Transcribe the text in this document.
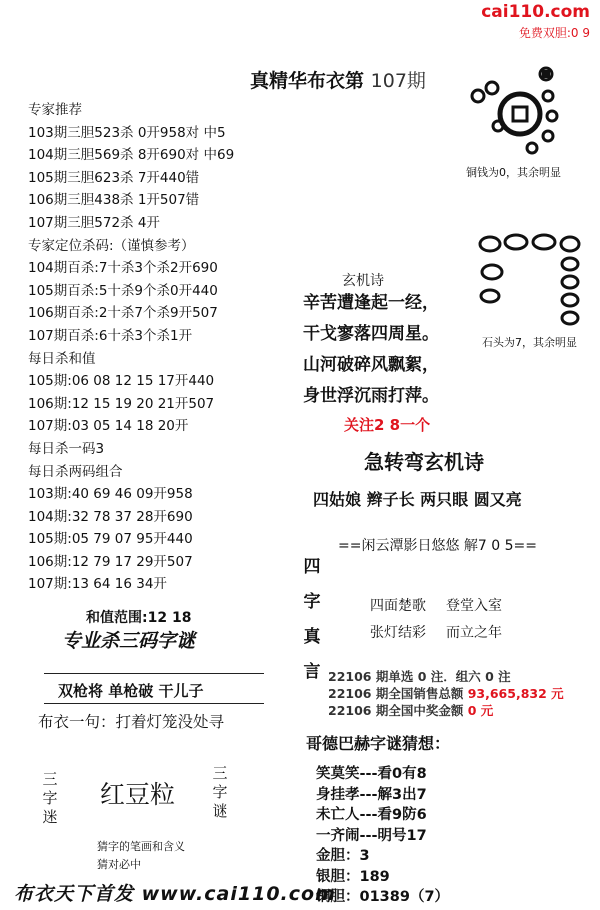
cai110.com
免费双胆:0 9
真精华布衣第 107期
专家推荐
103期三胆523杀 0开958对 中5
104期三胆569杀 8开690对 中69
105期三胆623杀 7开440错
106期三胆438杀 1开507错
107期三胆572杀 4开
专家定位杀码:（谨慎参考）
104期百杀:7十杀3个杀2开690
105期百杀:5十杀9个杀0开440
106期百杀:2十杀7个杀9开507
107期百杀:6十杀3个杀1开
每日杀和值
105期:06 08 12 15 17开440
106期:12 15 19 20 21开507
107期:03 05 14 18 20开
每日杀一码3
每日杀两码组合
103期:40 69 46 09开958
104期:32 78 37 28开690
105期:05 79 07 95开440
106期:12 79 17 29开507
107期:13 64 16 34开
和值范围:12 18
专业杀三码字谜
双枪将 单枪破 干儿子
布衣一句：打着灯笼没处寻
三字迷
红豆粒
三字谜
猜字的笔画和含义
猜对必中
铜钱为0，其余明显
石头为7，其余明显
玄机诗
辛苦遭逢起一经，
干戈寥落四周星。
山河破碎风飘絮，
身世浮沉雨打萍。
关注2 8一个
急转弯玄机诗
四姑娘 辫子长 两只眼 圆又亮
==闲云潭影日悠悠 解7 0 5==
四字真言
四面楚歌 登堂入室
张灯结彩 而立之年
22106 期单选 0 注．组六 0 注
22106 期全国销售总额 93,665,832 元
22106 期全国中奖金额 0 元
哥德巴赫字谜猜想：
笑莫笑---看0有8
身挂孝---解3出7
未亡人---看9防6
一齐闹---明号17
金胆：3
银胆：189
铜胆：01389（7）
布衣天下首发 www.cai110.com
